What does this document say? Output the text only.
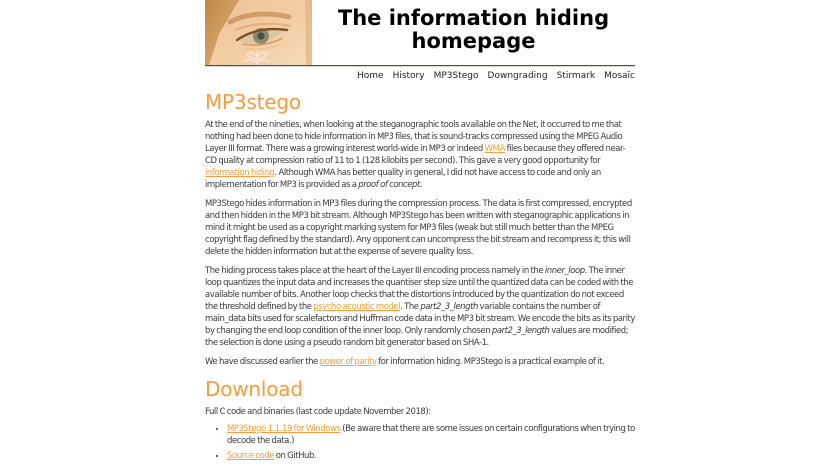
The information hiding homepage
Home History MP3Stego Downgrading Stirmark Mosaïc
MP3stego

At the end of the nineties, when looking at the steganographic tools available on the Net, it occurred to me that nothing had been done to hide information in MP3 files, that is sound-tracks compressed using the MPEG Audio Layer III format. There was a growing interest world-wide in MP3 or indeed WMA files because they offered near-CD quality at compression ratio of 11 to 1 (128 kilobits per second). This gave a very good opportunity for information hiding. Although WMA has better quality in general, I did not have access to code and only an implementation for MP3 is provided as a proof of concept.

MP3Stego hides information in MP3 files during the compression process. The data is first compressed, encrypted and then hidden in the MP3 bit stream. Although MP3Stego has been written with steganographic applications in mind it might be used as a copyright marking system for MP3 files (weak but still much better than the MPEG copyright flag defined by the standard). Any opponent can uncompress the bit stream and recompress it; this will delete the hidden information but at the expense of severe quality loss.

The hiding process takes place at the heart of the Layer III encoding process namely in the inner_loop. The inner loop quantizes the input data and increases the quantiser step size until the quantized data can be coded with the available number of bits. Another loop checks that the distortions introduced by the quantization do not exceed the threshold defined by the psycho acoustic model. The part2_3_length variable contains the number of main_data bits used for scalefactors and Huffman code data in the MP3 bit stream. We encode the bits as its parity by changing the end loop condition of the inner loop. Only randomly chosen part2_3_length values are modified; the selection is done using a pseudo random bit generator based on SHA-1.

We have discussed earlier the power of parity for information hiding. MP3Stego is a practical example of it.

Download

Full C code and binaries (last code update November 2018):

• MP3Stego 1.1.19 for Windows (Be aware that there are some issues on certain configurations when trying to decode the data.)
• Source code on GitHub.
